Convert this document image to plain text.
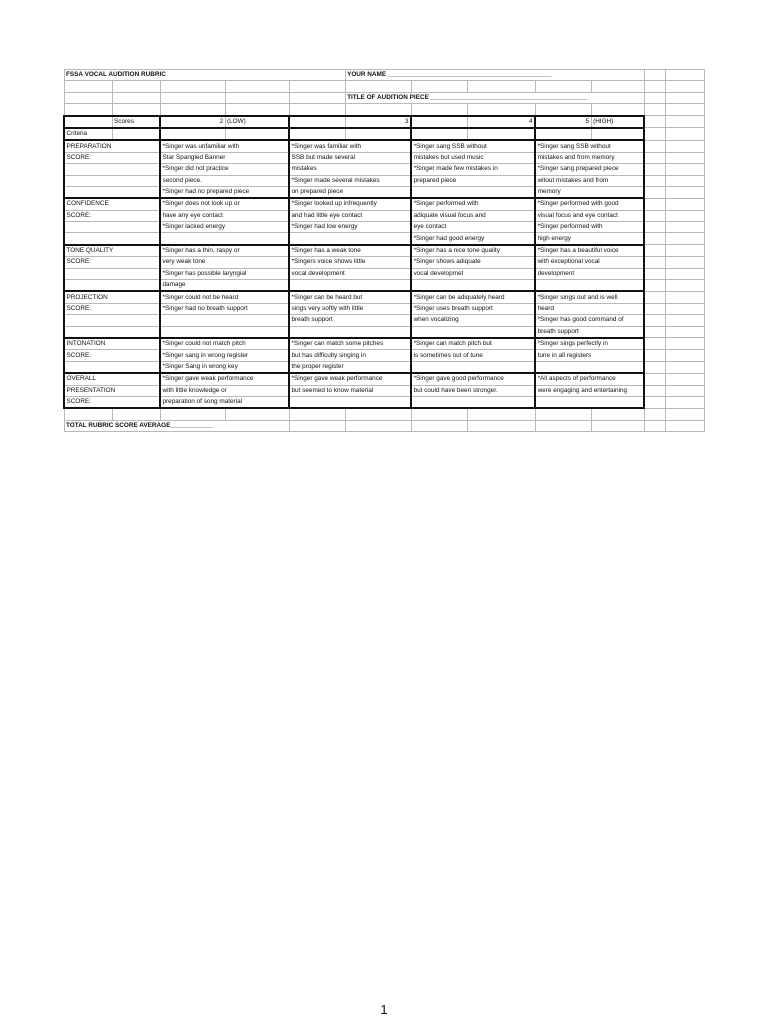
FSSA VOCAL AUDITION RUBRIC					YOUR NAME ______________________________________________						

					TITLE OF AUDITION PIECE ____________________________________________						

	Scores	2	(LOW)		3		4	5	(HIGH)		
Criteria											
PREPARATION		*Singer was unfamiliar with		*Singer was familiar with		*Singer sang SSB without		*Singer sang SSB without			
SCORE:		Star Spangled Banner		SSB but made several		mistakes but used music		mistakes and from memory			
		*Singer did not practice		mistakes		*Singer made few mistakes in		*Singer sang prepared piece			
		second piece.		*Singer made several mistakes		prepared piece		witout mistakes and from			
		*Singer had no prepared piece		on prepared piece				memory			
CONFIDENCE		*Singer does not look up or		*Singer looked up infrequently		*Singer performed with		*Singer performed with good			
SCORE:		have any eye contact		and had little eye contact		adiquate visual focus and		visual focus and eye contact			
		*Singer lacked energy		*Singer had low energy		eye contact		*Singer performed with			
						*Singer had good energy		high energy			
TONE QUALITY		*Singer has a thin, raspy or		*Singer has a weak tone		*Singer has a nice tone quality		*Singer has a beautiful voice			
SCORE:		very weak tone		*Singers voice shows little		*Singer shows adiquate		with exceptional vocal			
		*Singer has possible laryngial		vocal development		vocal developmet		development			
		damage									
PROJECTION		*Singer could not be heard		*Singer can be heard but		*Singer can be adiquately heard		*Singer sings out and is well			
SCORE:		*Singer had no breath support		sings very softly with little		*Singer uses breath support		heard			
				breath support		when vocalizing		*Singer has good command of			
								breath support			
INTONATION		*Singer could not match pitch		*Singer can match some pitches		*Singer can match pitch but		*Singer sings perfectly in			
SCORE:		*Singer sang in wrong register		but has difficulty singing in		is sometimes out of tune		tune in all registers			
		*Singer Sang in wrong key		the proper register							
OVERALL		*Singer gave weak performance		*Singer gave weak performance		*Singer gave good performance		*All aspects of performance			
PRESENTATION		with little knowledge or		but seemed to know material		but could have been stronger.		were engaging and entertaining			
SCORE:		preparation of song material									

TOTAL RUBRIC SCORE AVERAGE____________											
1
